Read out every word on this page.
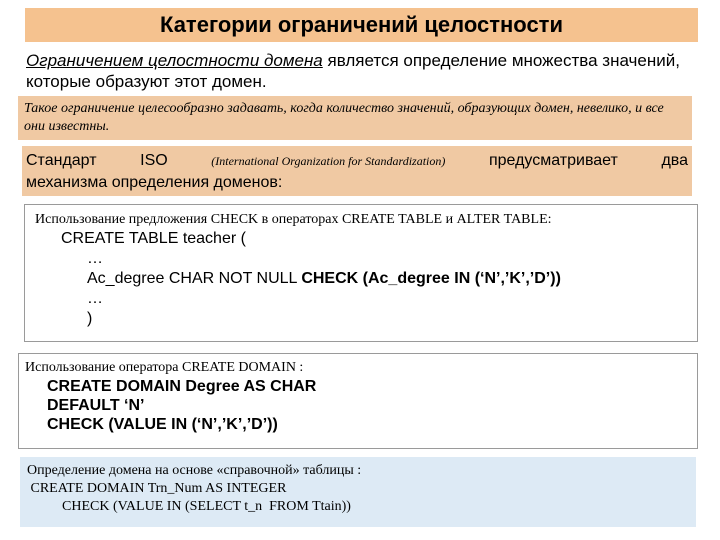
Категории ограничений целостности
Ограничением целостности домена является определение множества значений, которые образуют этот домен.
Такое ограничение целесообразно задавать, когда количество значений, образующих домен, невелико, и все они известны.
Стандарт	ISO	(International Organization for Standardization)	предусматривает	два
механизма определения доменов:
Использование предложения CHECK в операторах CREATE TABLE и ALTER TABLE:
CREATE TABLE teacher (
…
Ac_degree CHAR NOT NULL CHECK (Ac_degree IN (‘N’,’K’,’D’))
…
)
Использование оператора CREATE DOMAIN :
CREATE DOMAIN Degree AS CHAR
DEFAULT ‘N’
CHECK (VALUE IN (‘N’,’K’,’D’))
Определение домена на основе «справочной» таблицы :
CREATE DOMAIN Trn_Num AS INTEGER
CHECK (VALUE IN (SELECT t_n  FROM Ttain))
